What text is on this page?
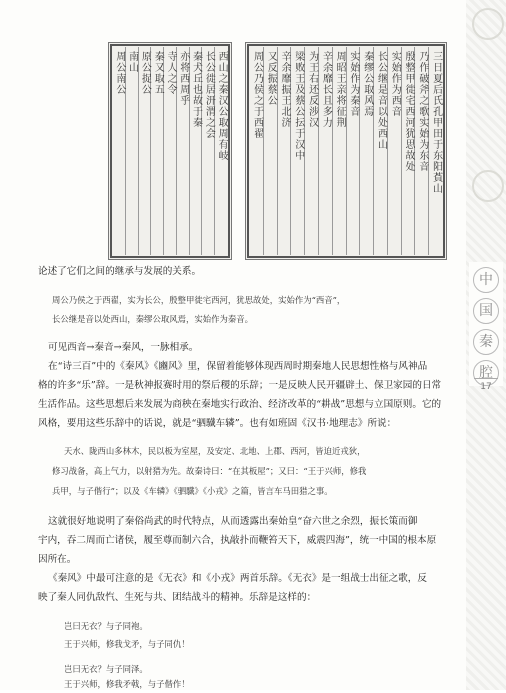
中
国
秦
腔
17
西山之秦汉公取周有岐
长公徙居汧渭之会
秦犬丘也故于秦
亦将西周乎
寺人之令
秦又取五
原公捉公
南山
周公南公	三日夏后氏孔甲田于东阳萯山
乃作破斧之歌实始为东音
殷整甲徙宅西河犹思故处
实始作为西音
长公继是音以处西山
秦缪公取风焉
实始作为秦音
周昭王亲将征荆
辛余靡长且多力
为王右还反涉汉
梁败王及蔡公抎于汉中
辛余靡振王北济
又反振蔡公
周公乃侯之于西翟
论述了它们之间的继承与发展的关系。
周公乃侯之于西翟，实为长公，殷整甲徙宅西河，犹思故处，实始作为“西音”，
长公继是音以处西山，秦缪公取风焉，实始作为秦音。
可见西音→秦音→秦风，一脉相承。
在“诗三百”中的《秦风》《豳风》里，保留着能够体现西周时期秦地人民思想性格与风神品
格的许多“乐”辞。一是秋神报赛时用的祭后稷的乐辞；一是反映人民开疆辟土、保卫家园的日常
生活作品。这些思想后来发展为商秧在秦地实行政治、经济改革的“耕战”思想与立国原则。它的
风格，要用这些乐辞中的话说，就是“驷驖车辚”。也有如班固《汉书·地理志》所说：
天水、陇西山多林木，民以板为室屋，及安定、北地、上郡、西河，皆迫近戎狄，
修习战备，高上气力，以射猎为先。故秦诗曰：“在其板屋”；又曰：“王于兴师，修我
兵甲，与子偕行”；以及《车辚》《驷驖》《小戎》之篇，皆言车马田猎之事。
这就很好地说明了秦俗尚武的时代特点，从而透露出秦始皇“奋六世之余烈，振长策而御
宇内，吞二周而亡诸侯，履至尊而制六合，执敲扑而鞭笞天下，威震四海”，统一中国的根本原
因所在。
《秦风》中最可注意的是《无衣》和《小戎》两首乐辞。《无衣》是一组战士出征之歌，反
映了秦人同仇敌忾、生死与共、团结战斗的精神。乐辞是这样的：
岂曰无衣？与子同袍。
王于兴师，修我戈矛，与子同仇！
岂曰无衣？与子同泽。
王于兴师，修我矛戟，与子偕作！
